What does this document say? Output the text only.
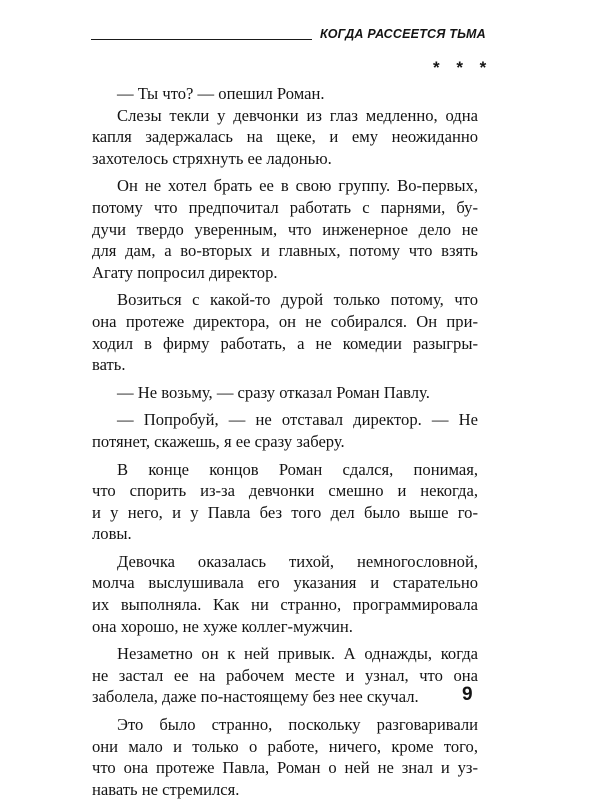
КОГДА РАССЕЕТСЯ ТЬМА
* * *
— Ты что? — опешил Роман.
Слезы текли у девчонки из глаз медленно, одна
капля задержалась на щеке, и ему неожиданно
захотелось стряхнуть ее ладонью.
Он не хотел брать ее в свою группу. Во-первых,
потому что предпочитал работать с парнями, бу-
дучи твердо уверенным, что инженерное дело не
для дам, а во-вторых и главных, потому что взять
Агату попросил директор.
Возиться с какой-то дурой только потому, что
она протеже директора, он не собирался. Он при-
ходил в фирму работать, а не комедии разыгры-
вать.
— Не возьму, — сразу отказал Роман Павлу.
— Попробуй, — не отставал директор. — Не
потянет, скажешь, я ее сразу заберу.
В конце концов Роман сдался, понимая,
что спорить из-за девчонки смешно и некогда,
и у него, и у Павла без того дел было выше го-
ловы.
Девочка оказалась тихой, немногословной,
молча выслушивала его указания и старательно
их выполняла. Как ни странно, программировала
она хорошо, не хуже коллег-мужчин.
Незаметно он к ней привык. А однажды, когда
не застал ее на рабочем месте и узнал, что она
заболела, даже по-настоящему без нее скучал.
Это было странно, поскольку разговаривали
они мало и только о работе, ничего, кроме того,
что она протеже Павла, Роман о ней не знал и уз-
навать не стремился.
9
